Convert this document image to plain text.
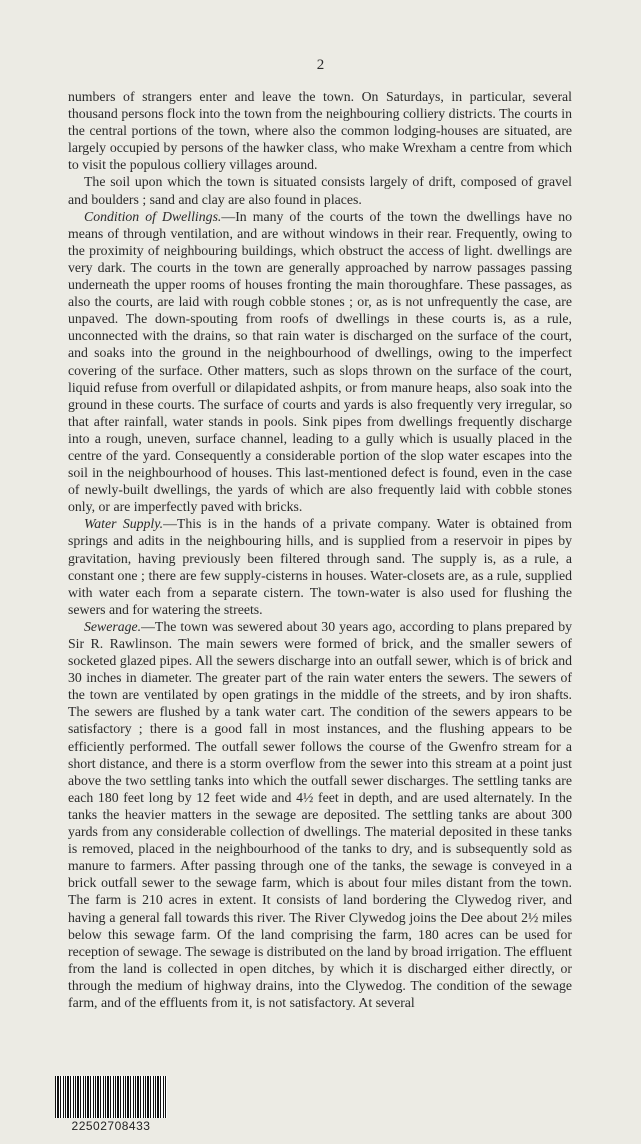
2

numbers of strangers enter and leave the town. On Saturdays, in particular, several thousand persons flock into the town from the neighbouring colliery districts. The courts in the central portions of the town, where also the common lodging-houses are situated, are largely occupied by persons of the hawker class, who make Wrexham a centre from which to visit the populous colliery villages around.

The soil upon which the town is situated consists largely of drift, composed of gravel and boulders ; sand and clay are also found in places.

Condition of Dwellings.—In many of the courts of the town the dwellings have no means of through ventilation, and are without windows in their rear. Frequently, owing to the proximity of neighbouring buildings, which obstruct the access of light. dwellings are very dark. The courts in the town are generally approached by narrow passages passing underneath the upper rooms of houses fronting the main thoroughfare. These passages, as also the courts, are laid with rough cobble stones ; or, as is not unfrequently the case, are unpaved. The down-spouting from roofs of dwellings in these courts is, as a rule, unconnected with the drains, so that rain water is discharged on the surface of the court, and soaks into the ground in the neighbourhood of dwellings, owing to the imperfect covering of the surface. Other matters, such as slops thrown on the surface of the court, liquid refuse from overfull or dilapidated ashpits, or from manure heaps, also soak into the ground in these courts. The surface of courts and yards is also frequently very irregular, so that after rainfall, water stands in pools. Sink pipes from dwellings frequently discharge into a rough, uneven, surface channel, leading to a gully which is usually placed in the centre of the yard. Consequently a considerable portion of the slop water escapes into the soil in the neighbourhood of houses. This last-mentioned defect is found, even in the case of newly-built dwellings, the yards of which are also frequently laid with cobble stones only, or are imperfectly paved with bricks.

Water Supply.—This is in the hands of a private company. Water is obtained from springs and adits in the neighbouring hills, and is supplied from a reservoir in pipes by gravitation, having previously been filtered through sand. The supply is, as a rule, a constant one ; there are few supply-cisterns in houses. Water-closets are, as a rule, supplied with water each from a separate cistern. The town-water is also used for flushing the sewers and for watering the streets.

Sewerage.—The town was sewered about 30 years ago, according to plans prepared by Sir R. Rawlinson. The main sewers were formed of brick, and the smaller sewers of socketed glazed pipes. All the sewers discharge into an outfall sewer, which is of brick and 30 inches in diameter. The greater part of the rain water enters the sewers. The sewers of the town are ventilated by open gratings in the middle of the streets, and by iron shafts. The sewers are flushed by a tank water cart. The condition of the sewers appears to be satisfactory ; there is a good fall in most instances, and the flushing appears to be efficiently performed. The outfall sewer follows the course of the Gwenfro stream for a short distance, and there is a storm overflow from the sewer into this stream at a point just above the two settling tanks into which the outfall sewer discharges. The settling tanks are each 180 feet long by 12 feet wide and 4½ feet in depth, and are used alternately. In the tanks the heavier matters in the sewage are deposited. The settling tanks are about 300 yards from any considerable collection of dwellings. The material deposited in these tanks is removed, placed in the neighbourhood of the tanks to dry, and is subsequently sold as manure to farmers. After passing through one of the tanks, the sewage is conveyed in a brick outfall sewer to the sewage farm, which is about four miles distant from the town. The farm is 210 acres in extent. It consists of land bordering the Clywedog river, and having a general fall towards this river. The River Clywedog joins the Dee about 2½ miles below this sewage farm. Of the land comprising the farm, 180 acres can be used for reception of sewage. The sewage is distributed on the land by broad irrigation. The effluent from the land is collected in open ditches, by which it is discharged either directly, or through the medium of highway drains, into the Clywedog. The condition of the sewage farm, and of the effluents from it, is not satisfactory. At several

22502708433
